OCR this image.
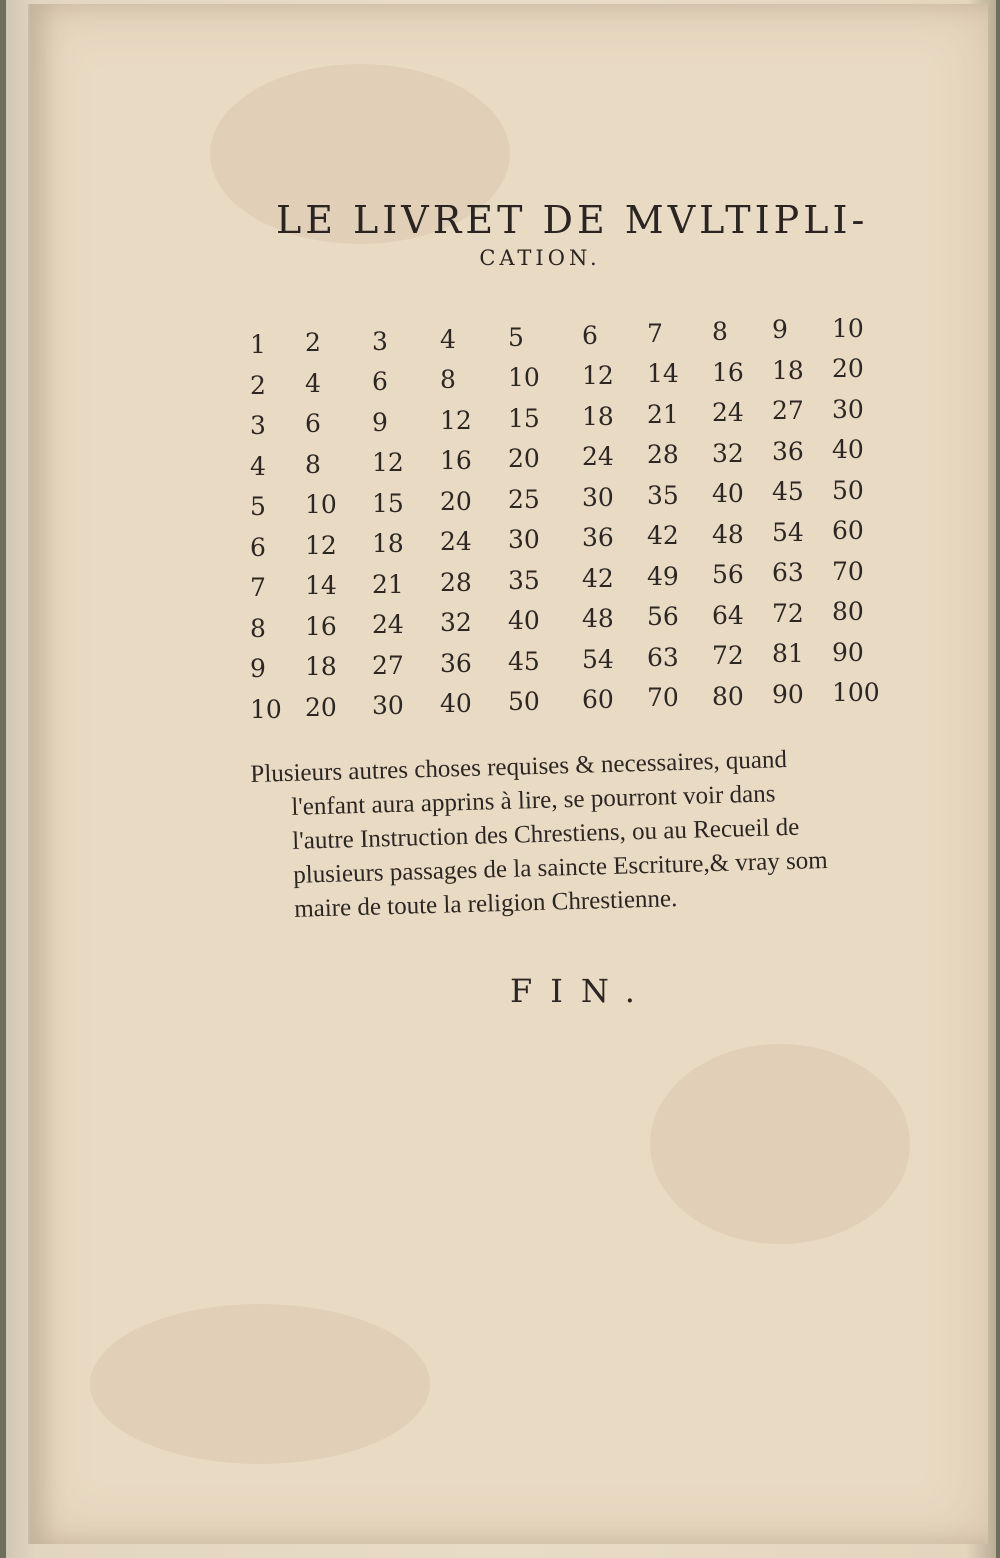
LE LIVRET DE MVLTIPLI-
CATION.
1 2 3 4 5 6 7 8 9 10
2 4 6 8 10 12 14 16 18 20
3 6 9 12 15 18 21 24 27 30
4 8 12 16 20 24 28 32 36 40
5 10 15 20 25 30 35 40 45 50
6 12 18 24 30 36 42 48 54 60
7 14 21 28 35 42 49 56 63 70
8 16 24 32 40 48 56 64 72 80
9 18 27 36 45 54 63 72 81 90
10 20 30 40 50 60 70 80 90 100
Plusieurs autres choses requises & necessaires, quand
l'enfant aura apprins à lire, se pourront voir dans
l'autre Instruction des Chrestiens, ou au Recueil de
plusieurs passages de la saincte Escriture,& vray som
maire de toute la religion Chrestienne.
FIN.
